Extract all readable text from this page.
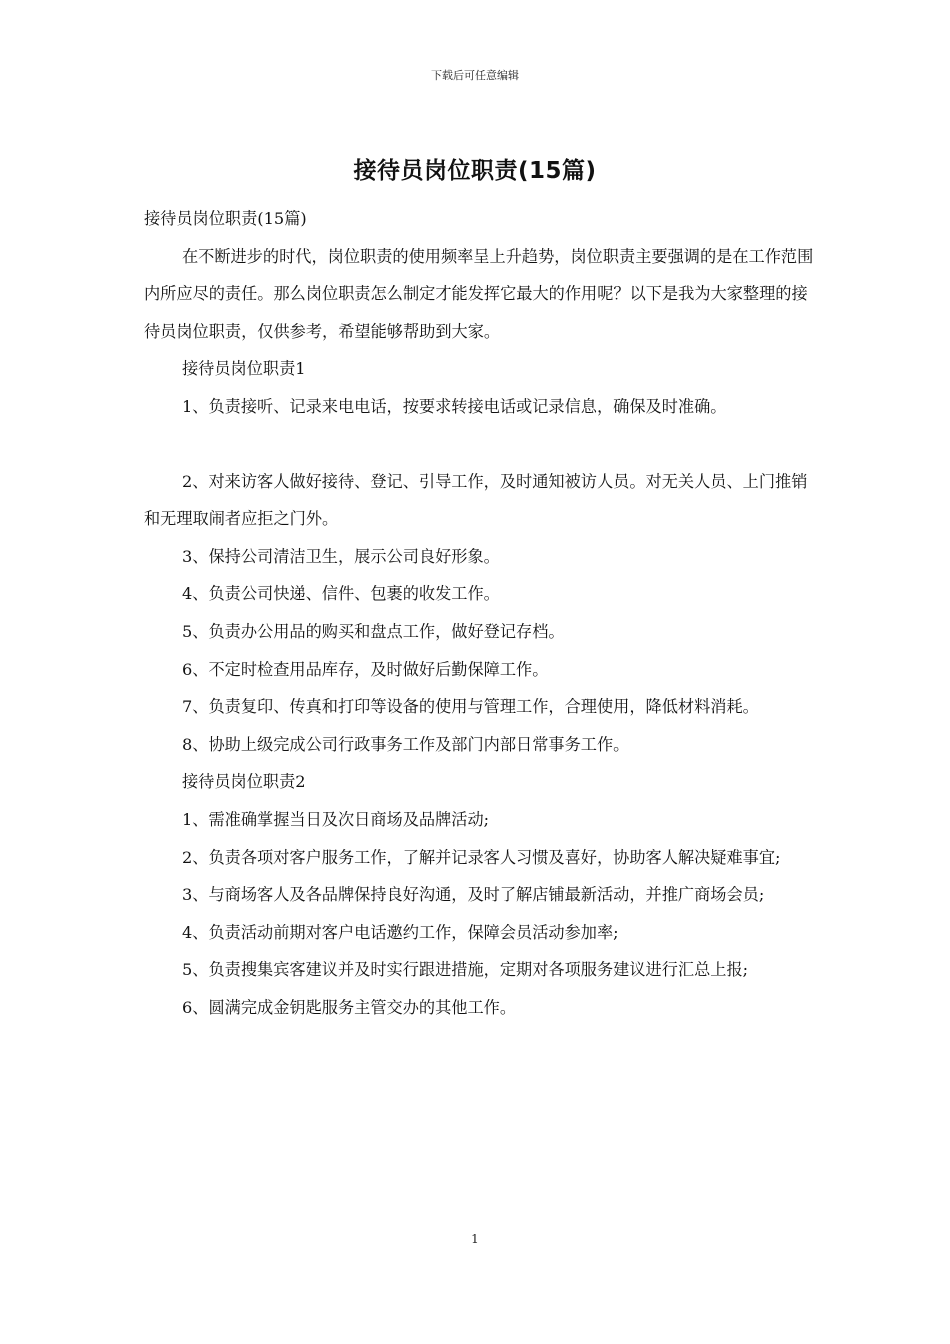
下载后可任意编辑
接待员岗位职责(15篇)

接待员岗位职责(15篇)

在不断进步的时代，岗位职责的使用频率呈上升趋势，岗位职责主要强调的是在工作范围内所应尽的责任。那么岗位职责怎么制定才能发挥它最大的作用呢？以下是我为大家整理的接待员岗位职责，仅供参考，希望能够帮助到大家。

接待员岗位职责1

1、负责接听、记录来电电话，按要求转接电话或记录信息，确保及时准确。

2、对来访客人做好接待、登记、引导工作，及时通知被访人员。对无关人员、上门推销和无理取闹者应拒之门外。

3、保持公司清洁卫生，展示公司良好形象。

4、负责公司快递、信件、包裹的收发工作。

5、负责办公用品的购买和盘点工作，做好登记存档。

6、不定时检查用品库存，及时做好后勤保障工作。

7、负责复印、传真和打印等设备的使用与管理工作，合理使用，降低材料消耗。

8、协助上级完成公司行政事务工作及部门内部日常事务工作。

接待员岗位职责2

1、需准确掌握当日及次日商场及品牌活动;

2、负责各项对客户服务工作，了解并记录客人习惯及喜好，协助客人解决疑难事宜;

3、与商场客人及各品牌保持良好沟通，及时了解店铺最新活动，并推广商场会员;

4、负责活动前期对客户电话邀约工作，保障会员活动参加率;

5、负责搜集宾客建议并及时实行跟进措施，定期对各项服务建议进行汇总上报;

6、圆满完成金钥匙服务主管交办的其他工作。

1
